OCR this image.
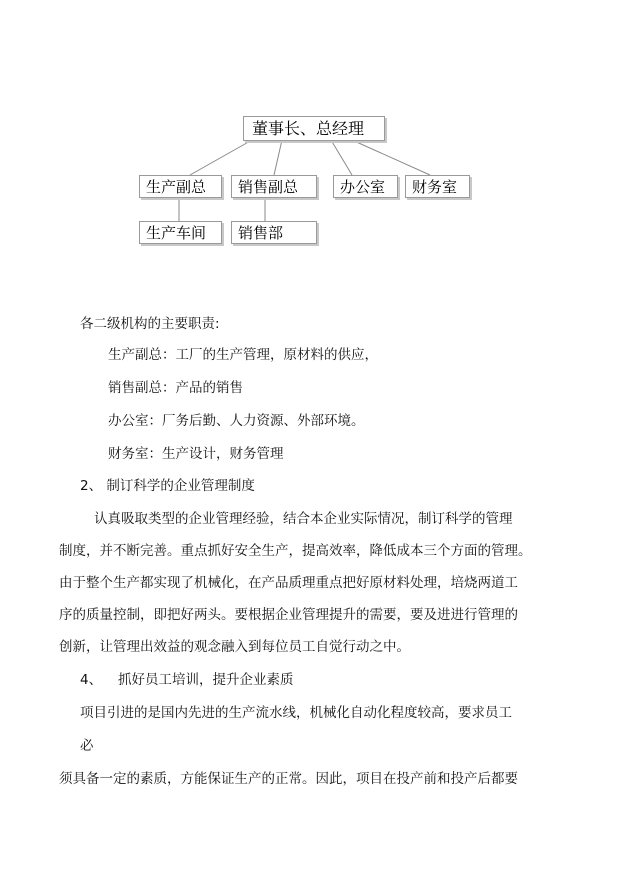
董事长、总经理
生产副总	销售副总	办公室	财务室
生产车间	销售部
各二级机构的主要职责:
生产副总：工厂的生产管理，原材料的供应，
销售副总：产品的销售
办公室：厂务后勤、人力资源、外部环境。
财务室：生产设计，财务管理
2、 制订科学的企业管理制度
认真吸取类型的企业管理经验，结合本企业实际情况，制订科学的管理
制度，并不断完善。重点抓好安全生产，提高效率，降低成本三个方面的管理。
由于整个生产都实现了机械化，在产品质理重点把好原材料处理，培烧两道工
序的质量控制，即把好两头。要根据企业管理提升的需要，要及进进行管理的
创新，让管理出效益的观念融入到每位员工自觉行动之中。
4、 抓好员工培训，提升企业素质
项目引进的是国内先进的生产流水线，机械化自动化程度较高，要求员工
必
须具备一定的素质，方能保证生产的正常。因此，项目在投产前和投产后都要
